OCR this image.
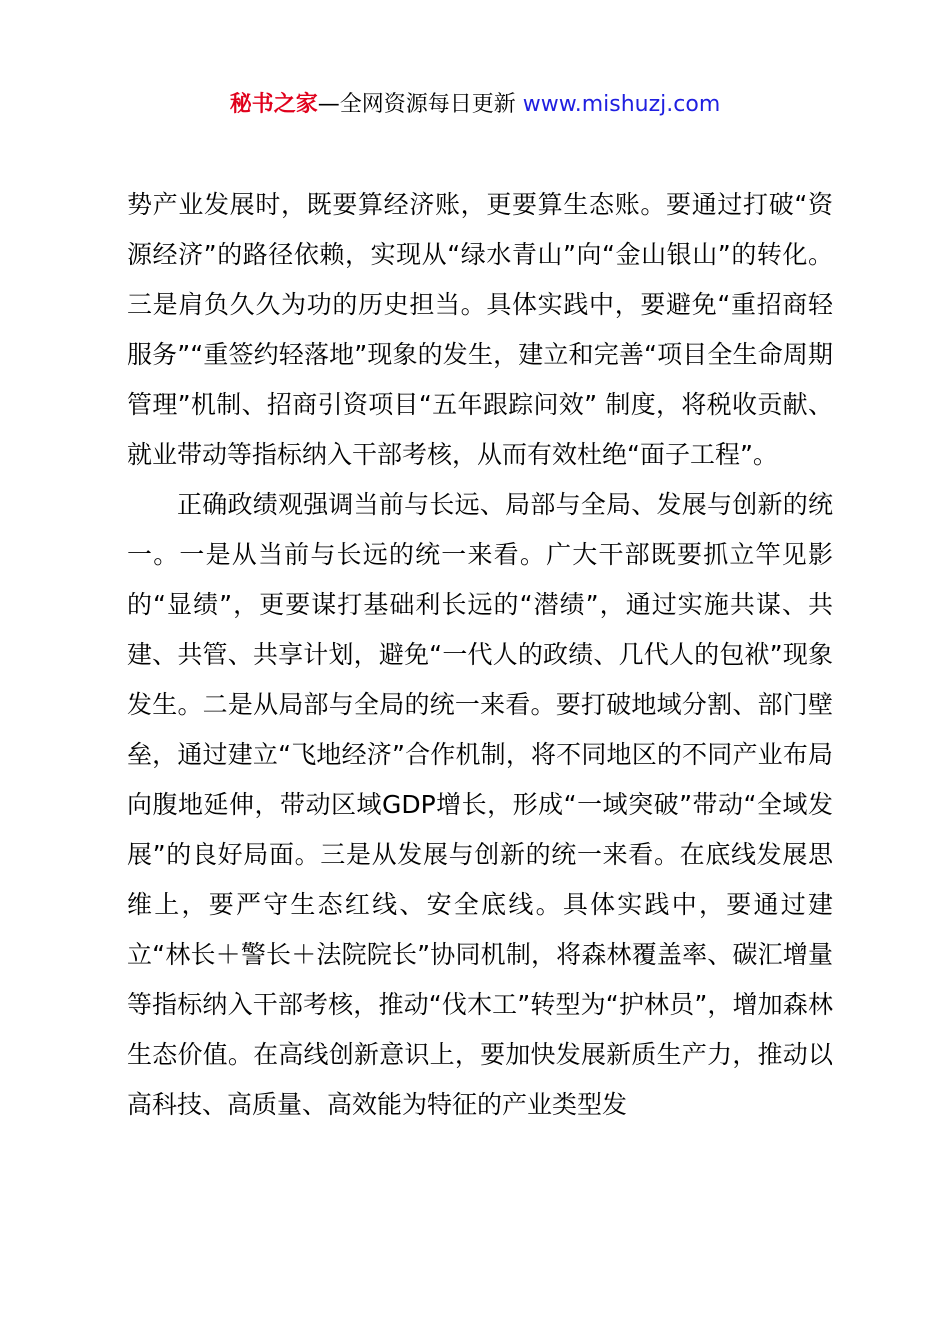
秘书之家—全网资源每日更新 www.mishuzj.com

势产业发展时，既要算经济账，更要算生态账。要通过打破“资源经济”的路径依赖，实现从“绿水青山”向“金山银山”的转化。三是肩负久久为功的历史担当。具体实践中，要避免“重招商轻服务”“重签约轻落地”现象的发生，建立和完善“项目全生命周期管理”机制、招商引资项目“五年跟踪问效” 制度，将税收贡献、就业带动等指标纳入干部考核，从而有效杜绝“面子工程”。

正确政绩观强调当前与长远、局部与全局、发展与创新的统一。一是从当前与长远的统一来看。广大干部既要抓立竿见影的“显绩”，更要谋打基础利长远的“潜绩”，通过实施共谋、共建、共管、共享计划，避免“一代人的政绩、几代人的包袱”现象发生。二是从局部与全局的统一来看。要打破地域分割、部门壁垒，通过建立“飞地经济”合作机制，将不同地区的不同产业布局向腹地延伸，带动区域GDP增长，形成“一域突破”带动“全域发展”的良好局面。三是从发展与创新的统一来看。在底线发展思维上，要严守生态红线、安全底线。具体实践中，要通过建立“林长＋警长＋法院院长”协同机制，将森林覆盖率、碳汇增量等指标纳入干部考核，推动“伐木工”转型为“护林员”，增加森林生态价值。在高线创新意识上，要加快发展新质生产力，推动以高科技、高质量、高效能为特征的产业类型发
